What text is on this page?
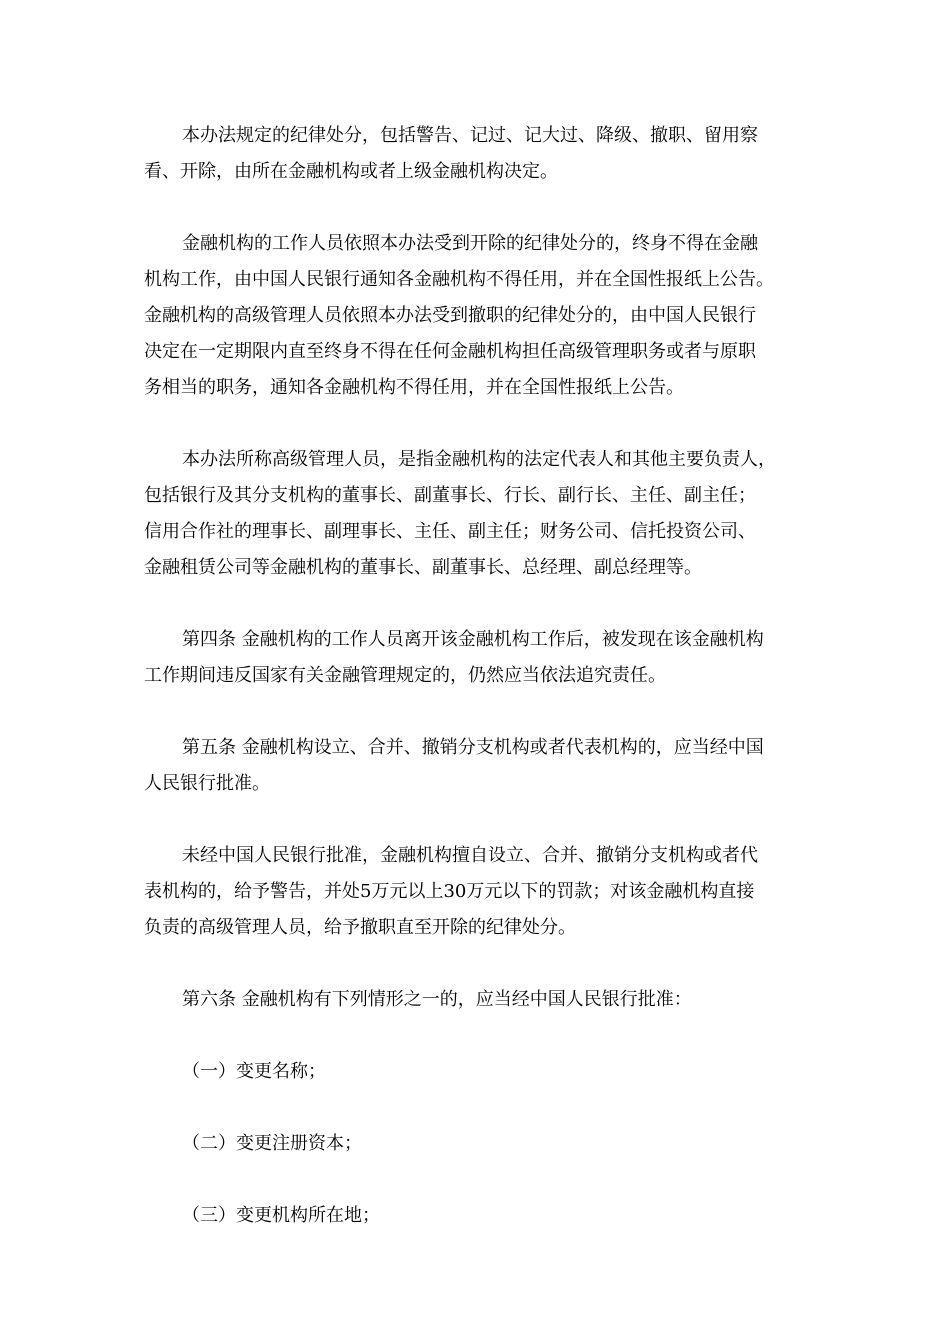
本办法规定的纪律处分，包括警告、记过、记大过、降级、撤职、留用察
看、开除，由所在金融机构或者上级金融机构决定。
金融机构的工作人员依照本办法受到开除的纪律处分的，终身不得在金融
机构工作，由中国人民银行通知各金融机构不得任用，并在全国性报纸上公告。
金融机构的高级管理人员依照本办法受到撤职的纪律处分的，由中国人民银行
决定在一定期限内直至终身不得在任何金融机构担任高级管理职务或者与原职
务相当的职务，通知各金融机构不得任用，并在全国性报纸上公告。
本办法所称高级管理人员，是指金融机构的法定代表人和其他主要负责人，
包括银行及其分支机构的董事长、副董事长、行长、副行长、主任、副主任；
信用合作社的理事长、副理事长、主任、副主任；财务公司、信托投资公司、
金融租赁公司等金融机构的董事长、副董事长、总经理、副总经理等。
第四条 金融机构的工作人员离开该金融机构工作后，被发现在该金融机构
工作期间违反国家有关金融管理规定的，仍然应当依法追究责任。
第五条 金融机构设立、合并、撤销分支机构或者代表机构的，应当经中国
人民银行批准。
未经中国人民银行批准，金融机构擅自设立、合并、撤销分支机构或者代
表机构的，给予警告，并处5万元以上30万元以下的罚款；对该金融机构直接
负责的高级管理人员，给予撤职直至开除的纪律处分。
第六条 金融机构有下列情形之一的，应当经中国人民银行批准：
（一）变更名称；
（二）变更注册资本；
（三）变更机构所在地；
